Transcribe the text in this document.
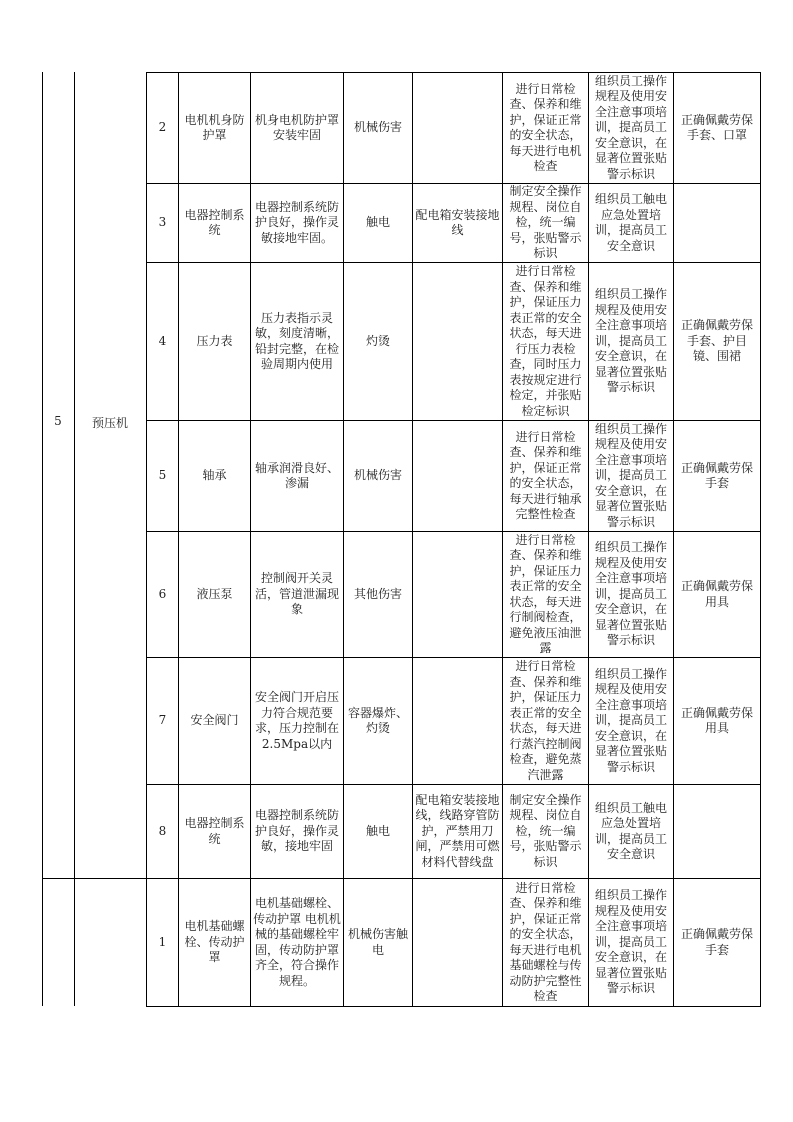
5	预压机
2	电机机身防护罩	机身电机防护罩安装牢固	机械伤害		进行日常检查、保养和维护，保证正常的安全状态，每天进行电机检查	组织员工操作规程及使用安全注意事项培训，提高员工安全意识，在显著位置张贴警示标识	正确佩戴劳保手套、口罩
3	电器控制系统	电器控制系统防护良好，操作灵敏接地牢固。	触电	配电箱安装接地线	制定安全操作规程、岗位自检，统一编号，张贴警示标识	组织员工触电应急处置培训，提高员工安全意识	
4	压力表	压力表指示灵敏，刻度清晰，铅封完整，在检验周期内使用	灼烫		进行日常检查、保养和维护，保证压力表正常的安全状态，每天进行压力表检查，同时压力表按规定进行检定，并张贴检定标识	组织员工操作规程及使用安全注意事项培训，提高员工安全意识，在显著位置张贴警示标识	正确佩戴劳保手套、护目镜、围裙
5	轴承	轴承润滑良好、渗漏	机械伤害		进行日常检查、保养和维护，保证正常的安全状态，每天进行轴承完整性检查	组织员工操作规程及使用安全注意事项培训，提高员工安全意识，在显著位置张贴警示标识	正确佩戴劳保手套
6	液压泵	控制阀开关灵活，管道泄漏现象	其他伤害		进行日常检查、保养和维护，保证压力表正常的安全状态，每天进行制阀检查，避免液压油泄露	组织员工操作规程及使用安全注意事项培训，提高员工安全意识，在显著位置张贴警示标识	正确佩戴劳保用具
7	安全阀门	安全阀门开启压力符合规范要求，压力控制在2.5Mpa以内	容器爆炸、灼烫		进行日常检查、保养和维护，保证压力表正常的安全状态，每天进行蒸汽控制阀检查，避免蒸汽泄露	组织员工操作规程及使用安全注意事项培训，提高员工安全意识，在显著位置张贴警示标识	正确佩戴劳保用具
8	电器控制系统	电器控制系统防护良好，操作灵敏，接地牢固	触电	配电箱安装接地线，线路穿管防护，严禁用刀闸，严禁用可燃材料代替线盘	制定安全操作规程、岗位自检，统一编号，张贴警示标识	组织员工触电应急处置培训，提高员工安全意识	
1	电机基础螺栓、传动护罩	电机基础螺栓、传动护罩 电机机械的基础螺栓牢固，传动防护罩齐全，符合操作规程。	机械伤害触电		进行日常检查、保养和维护，保证正常的安全状态，每天进行电机基础螺栓与传动防护完整性检查	组织员工操作规程及使用安全注意事项培训，提高员工安全意识，在显著位置张贴警示标识	正确佩戴劳保手套
